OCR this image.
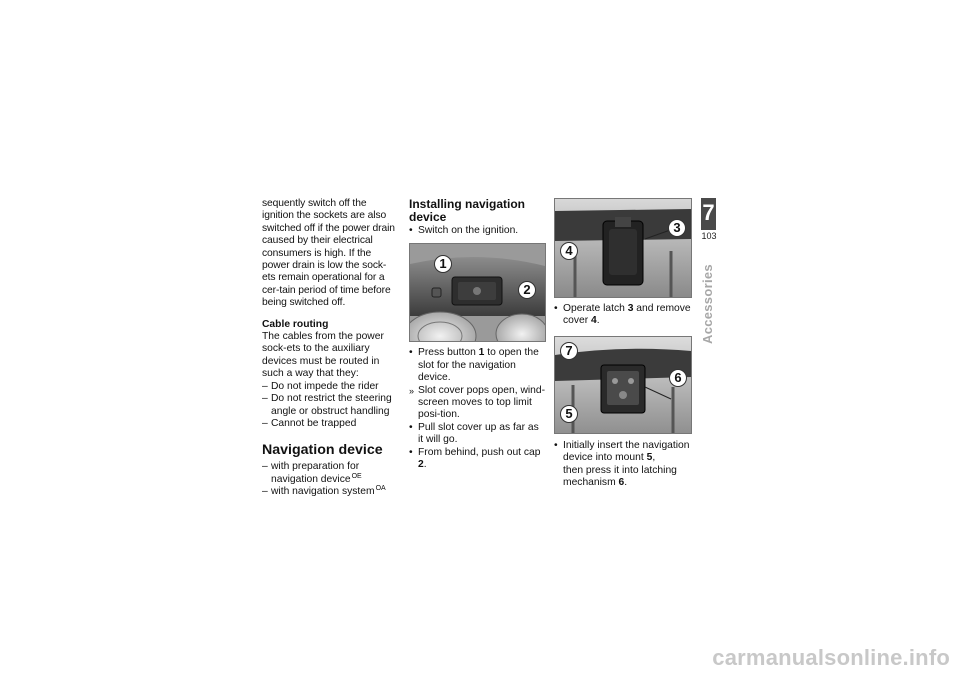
sequently switch off the ignition the sockets are also switched off if the power drain caused by their electrical consumers is high. If the power drain is low the sock-ets remain operational for a cer-tain period of time before being switched off.

Cable routing

The cables from the power sock-ets to the auxiliary devices must be routed in such a way that they:

– Do not impede the rider
– Do not restrict the steering angle or obstruct handling
– Cannot be trapped
Navigation device
– with preparation for navigation device$^{OE}$
– with navigation system$^{OA}$
Installing navigation device
• Switch on the ignition.
1
2
• Press button 1 to open the slot for the navigation device.
» Slot cover pops open, wind-screen moves to top limit posi-tion.
• Pull slot cover up as far as it will go.
• From behind, push out cap 2.
3
4
• Operate latch 3 and remove cover 4.
7
6
5
• Initially insert the navigation device into mount 5,
then press it into latching mechanism 6.
7
103
Accessories
carmanualsonline.info
